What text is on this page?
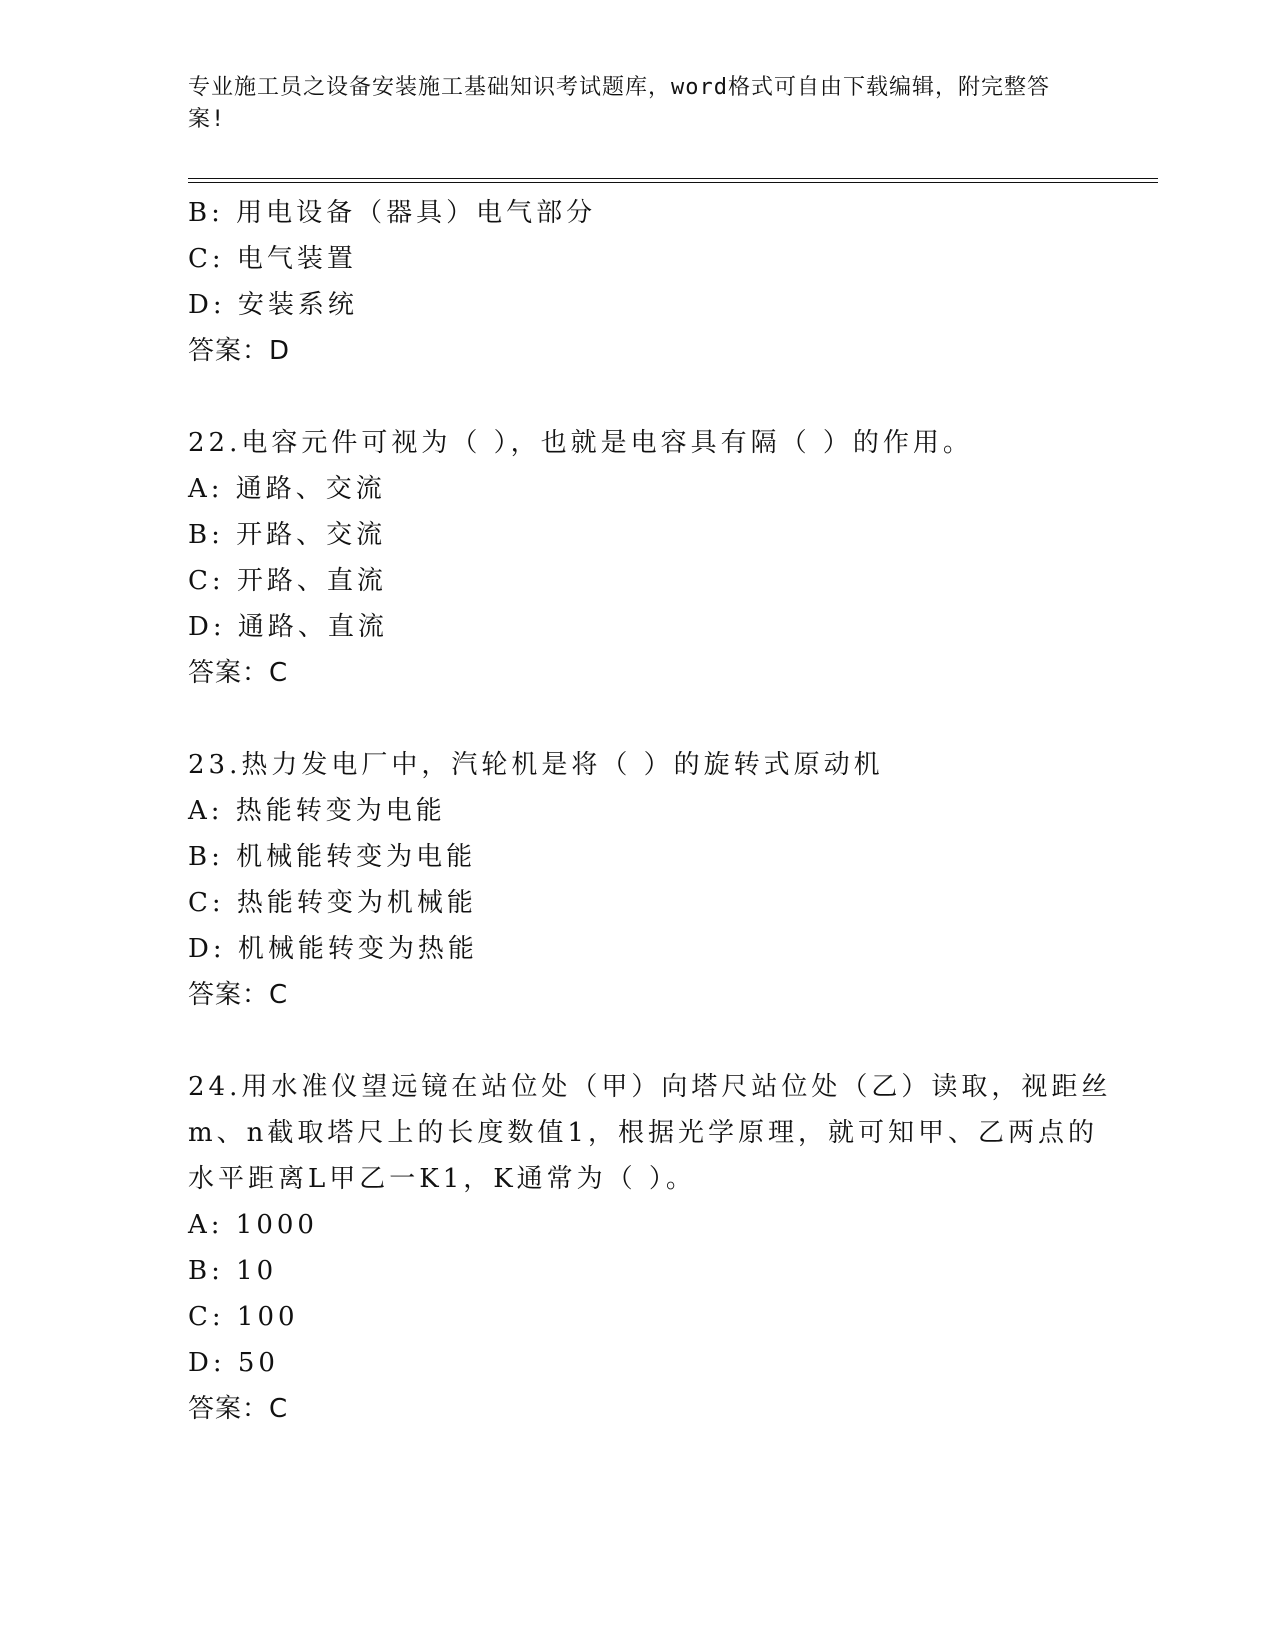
专业施工员之设备安装施工基础知识考试题库，word格式可自由下载编辑，附完整答案!
B: 用电设备（器具）电气部分
C: 电气装置
D: 安装系统
答案：D
22.电容元件可视为（ ），也就是电容具有隔（ ）的作用。
A: 通路、交流
B: 开路、交流
C: 开路、直流
D: 通路、直流
答案：C
23.热力发电厂中，汽轮机是将（ ）的旋转式原动机
A: 热能转变为电能
B: 机械能转变为电能
C: 热能转变为机械能
D: 机械能转变为热能
答案：C
24.用水准仪望远镜在站位处（甲）向塔尺站位处（乙）读取，视距丝
m、n截取塔尺上的长度数值1，根据光学原理，就可知甲、乙两点的
水平距离L甲乙一K1，K通常为（ ）。
A: 1000
B: 10
C: 100
D: 50
答案：C
